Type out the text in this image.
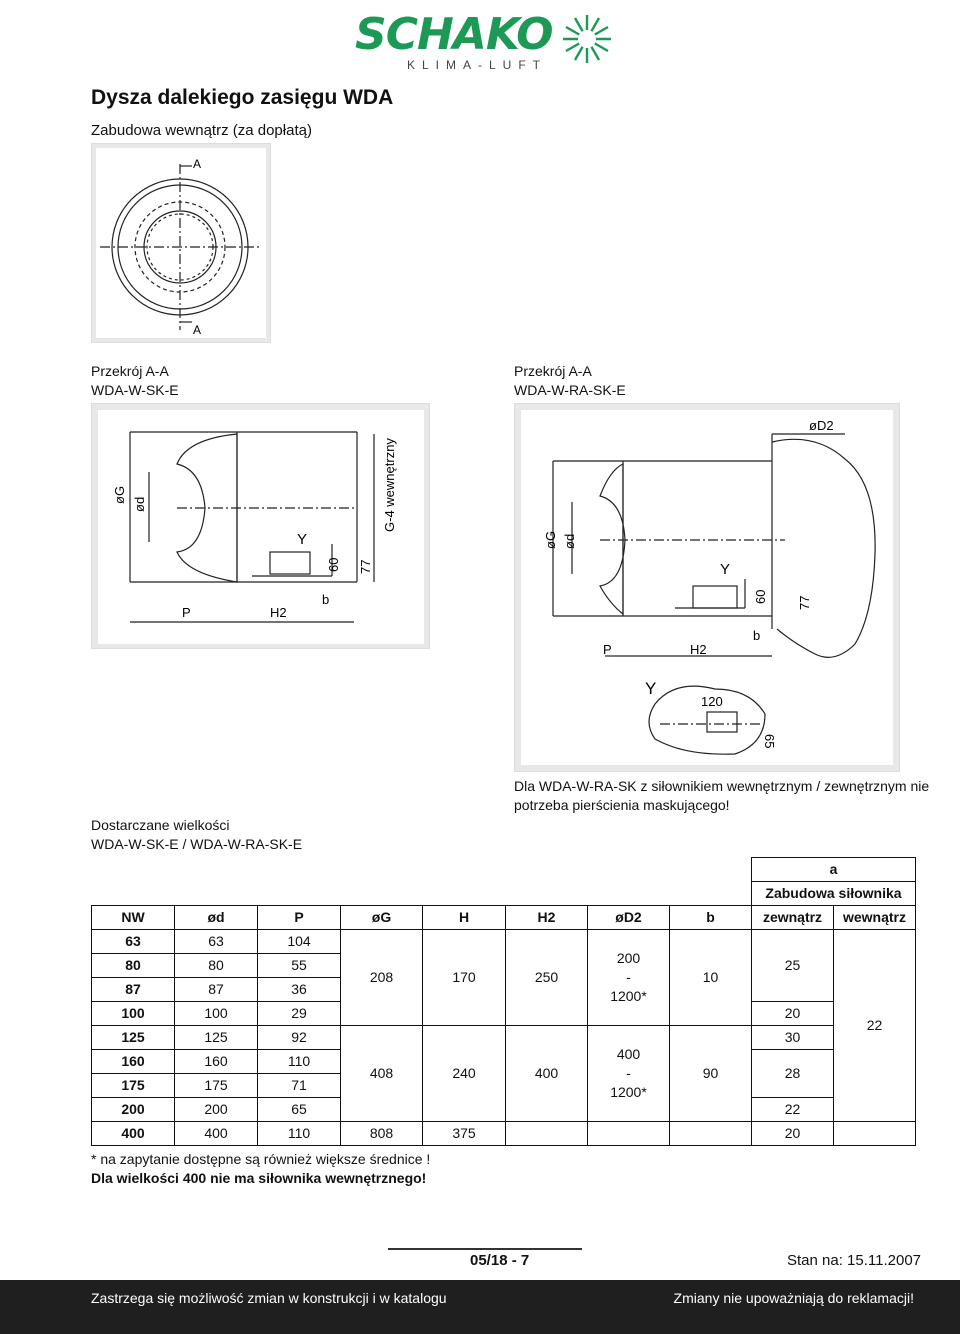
SCHAKO
KLIMA-LUFT
Dysza dalekiego zasięgu WDA
Zabudowa wewnątrz (za dopłatą)
A
A
Przekrój A-A
WDA-W-SK-E
øG
ød
P	H2
b
Y
60 77
G-4 wewnętrzny
Przekrój A-A
WDA-W-RA-SK-E
øD2
øG ød
P	H2
b
Y
60 77
Y
120
65
Dla WDA-W-RA-SK z siłownikiem wewnętrznym / zewnętrznym nie
potrzeba pierścienia maskującego!
Dostarczane wielkości
WDA-W-SK-E / WDA-W-RA-SK-E
								a	
								Zabudowa siłownika	
NW	ød	P	øG	H	H2	øD2	b	zewnątrz	wewnątrz
63	63	104	208	170	250	200
-
1200*	10	25	22
80	80	55							
87	87	36							
100	100	29						20	
125	125	92	408	240	400	400
-
1200*	90	30	
160	160	110						28	
175	175	71							
200	200	65						22	
400	400	110	808	375				20	
* na zapytanie dostępne są również większe średnice !
Dla wielkości 400 nie ma siłownika wewnętrznego!
05/18 - 7	Stan na: 15.11.2007
Zastrzega się możliwość zmian w konstrukcji i w katalogu	Zmiany nie upoważniają do reklamacji!
